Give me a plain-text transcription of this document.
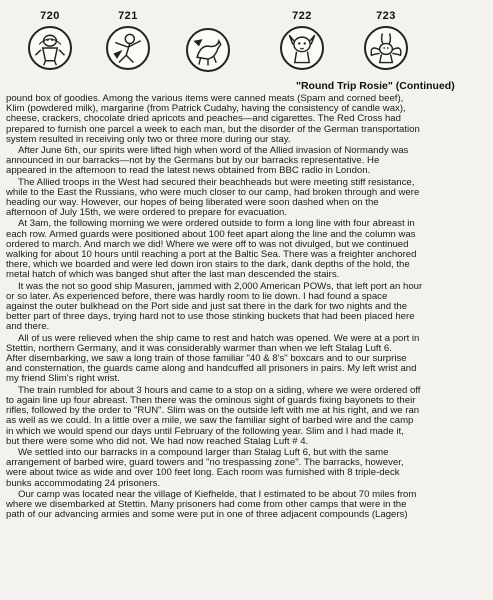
720	721	722	723
"Round Trip Rosie" (Continued)
pound box of goodies. Among the various items were canned meats (Spam and corned beef),
Klim (powdered milk), margarine (from Patrick Cudahy, having the consistency of candle wax),
cheese, crackers, chocolate dried apricots and peaches—and cigarettes. The Red Cross had
prepared to furnish one parcel a week to each man, but the disorder of the German transportation
system resulted in receiving only two or three more during our stay.
After June 6th, our spirits were lifted high when word of the Allied invasion of Normandy was
announced in our barracks—not by the Germans but by our barracks representative. He
appeared in the afternoon to read the latest news obtained from BBC radio in London.
The Allied troops in the West had secured their beachheads but were meeting stiff resistance,
while to the East the Russians, who were much closer to our camp, had broken through and were
heading our way. However, our hopes of being liberated were soon dashed when on the
afternoon of July 15th, we were ordered to prepare for evacuation.
At 3am, the following morning we were ordered outside to form a long line with four abreast in
each row. Armed guards were positioned about 100 feet apart along the line and the column was
ordered to march. And march we did! Where we were off to was not divulged, but we continued
walking for about 10 hours until reaching a port at the Baltic Sea. There was a freighter anchored
there, which we boarded and were led down iron stairs to the dark, dank depths of the hold, the
metal hatch of which was banged shut after the last man descended the stairs.
It was the not so good ship Masuren, jammed with 2,000 American POWs, that left port an hour
or so later. As experienced before, there was hardly room to lie down. I had found a space
against the outer bulkhead on the Port side and just sat there in the dark for two nights and the
better part of three days, trying hard not to use those stinking buckets that had been placed here
and there.
All of us were relieved when the ship came to rest and hatch was opened. We were at a port in
Stettin, northern Germany, and it was considerably warmer than when we left Stalag Luft 6.
After disembarking, we saw a long train of those familiar "40 & 8's" boxcars and to our surprise
and consternation, the guards came along and handcuffed all prisoners in pairs. My left wrist and
my friend Slim's right wrist.
The train rumbled for about 3 hours and came to a stop on a siding, where we were ordered off
to again line up four abreast. Then there was the ominous sight of guards fixing bayonets to their
rifles, followed by the order to "RUN". Slim was on the outside left with me at his right, and we ran
as well as we could. In a little over a mile, we saw the familiar sight of barbed wire and the camp
in which we would spend our days until February of the following year. Slim and I had made it,
but there were some who did not. We had now reached Stalag Luft # 4.
We settled into our barracks in a compound larger than Stalag Luft 6, but with the same
arrangement of barbed wire, guard towers and "no trespassing zone". The barracks, however,
were about twice as wide and over 100 feet long. Each room was furnished with 8 triple-deck
bunks accommodating 24 prisoners.
Our camp was located near the village of Kiefhelde, that I estimated to be about 70 miles from
where we disembarked at Stettin. Many prisoners had come from other camps that were in the
path of our advancing armies and some were put in one of three adjacent compounds (Lagers)
